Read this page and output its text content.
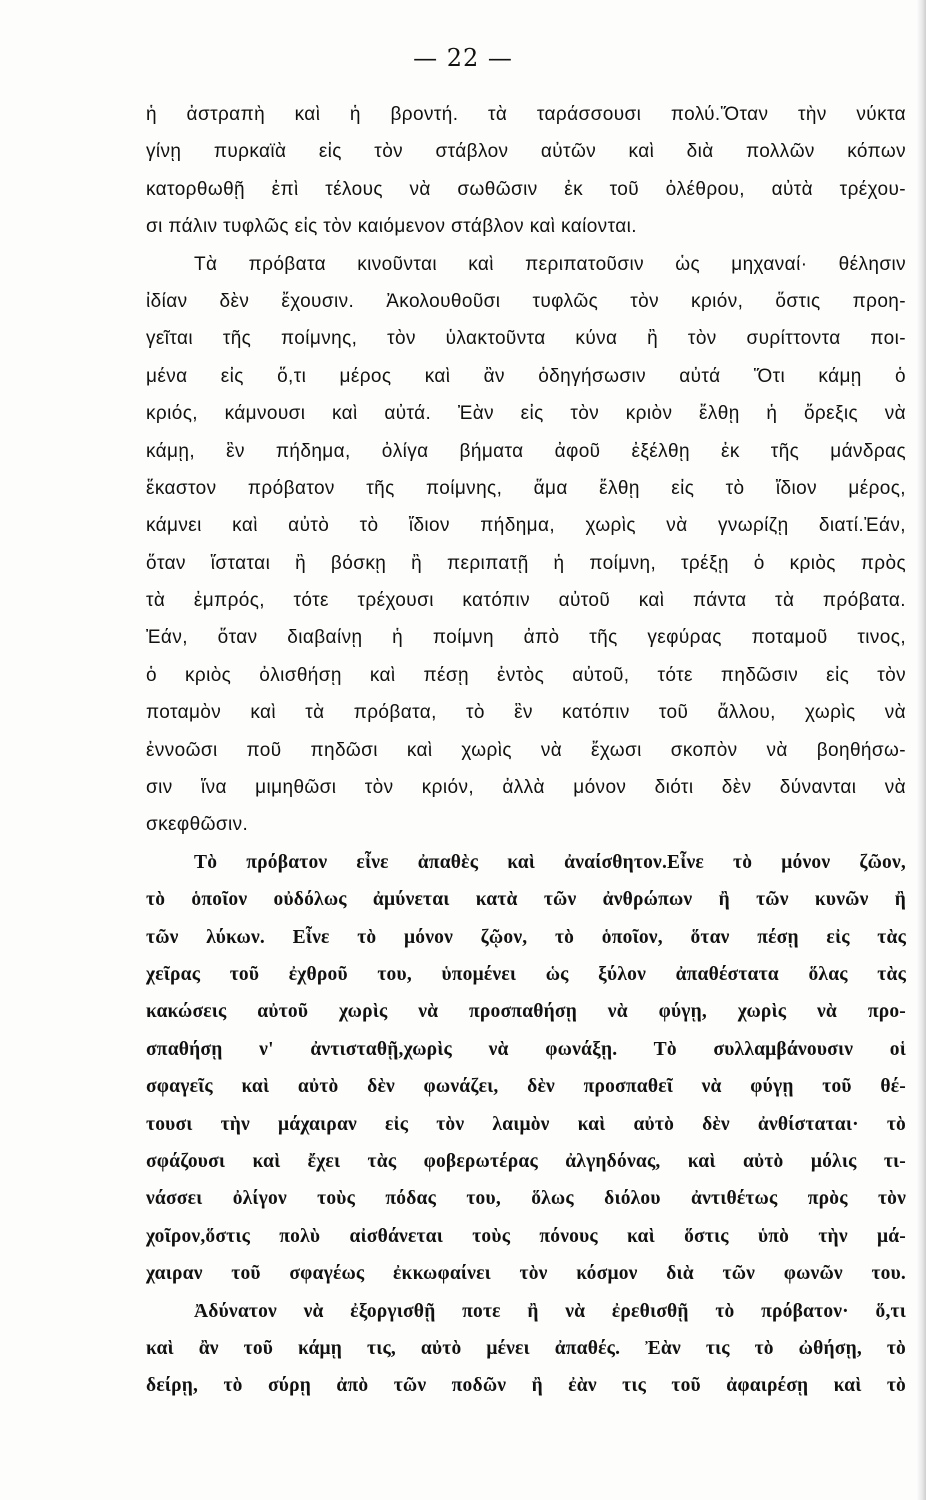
— 22 —
ἡ ἀστραπὴ καὶ ἡ βροντή. τὰ ταράσσουσι πολύ.Ὅταν τὴν νύκτα
γίνῃ πυρκαϊὰ εἰς τὸν στάβλον αὐτῶν καὶ διὰ πολλῶν κόπων
κατορθωθῇ ἐπὶ τέλους νὰ σωθῶσιν ἐκ τοῦ ὀλέθρου, αὐτὰ τρέχου-
σι πάλιν τυφλῶς εἰς τὸν καιόμενον στάβλον καὶ καίονται.
Τὰ πρόβατα κινοῦνται καὶ περιπατοῦσιν ὡς μηχαναί· θέλησιν
ἰδίαν δὲν ἔχουσιν. Ἀκολουθοῦσι τυφλῶς τὸν κριόν, ὅστις προη-
γεῖται τῆς ποίμνης, τὸν ὑλακτοῦντα κύνα ἢ τὸν συρίττοντα ποι-
μένα εἰς ὅ,τι μέρος καὶ ἂν ὁδηγήσωσιν αὐτά Ὅτι κάμῃ ὁ
κριός, κάμνουσι καὶ αὐτά. Ἐὰν εἰς τὸν κριὸν ἔλθῃ ἡ ὄρεξις νὰ
κάμῃ, ἓν πήδημα, ὀλίγα βήματα ἀφοῦ ἐξέλθῃ ἐκ τῆς μάνδρας
ἕκαστον πρόβατον τῆς ποίμνης, ἅμα ἔλθῃ εἰς τὸ ἴδιον μέρος,
κάμνει καὶ αὐτὸ τὸ ἴδιον πήδημα, χωρὶς νὰ γνωρίζῃ διατί.Ἐάν,
ὅταν ἵσταται ἢ βόσκῃ ἢ περιπατῇ ἡ ποίμνη, τρέξῃ ὁ κριὸς πρὸς
τὰ ἐμπρός, τότε τρέχουσι κατόπιν αὐτοῦ καὶ πάντα τὰ πρόβατα.
Ἐάν, ὅταν διαβαίνῃ ἡ ποίμνη ἀπὸ τῆς γεφύρας ποταμοῦ τινος,
ὁ κριὸς ὀλισθήσῃ καὶ πέσῃ ἐντὸς αὐτοῦ, τότε πηδῶσιν εἰς τὸν
ποταμὸν καὶ τὰ πρόβατα, τὸ ἓν κατόπιν τοῦ ἄλλου, χωρὶς νὰ
ἐννοῶσι ποῦ πηδῶσι καὶ χωρὶς νὰ ἔχωσι σκοπὸν νὰ βοηθήσω-
σιν ἵνα μιμηθῶσι τὸν κριόν, ἀλλὰ μόνον διότι δὲν δύνανται νὰ
σκεφθῶσιν.
Τὸ πρόβατον εἶνε ἀπαθὲς καὶ ἀναίσθητον.Εἶνε τὸ μόνον ζῶον,
τὸ ὁποῖον οὐδόλως ἀμύνεται κατὰ τῶν ἀνθρώπων ἢ τῶν κυνῶν ἢ
τῶν λύκων. Εἶνε τὸ μόνον ζῷον, τὸ ὁποῖον, ὅταν πέσῃ εἰς τὰς
χεῖρας τοῦ ἐχθροῦ του, ὑπομένει ὡς ξύλον ἀπαθέστατα ὅλας τὰς
κακώσεις αὐτοῦ χωρὶς νὰ προσπαθήσῃ νὰ φύγῃ, χωρὶς νὰ προ-
σπαθήσῃ ν' ἀντισταθῇ,χωρὶς νὰ φωνάξῃ. Τὸ συλλαμβάνουσιν οἱ
σφαγεῖς καὶ αὐτὸ δὲν φωνάζει, δὲν προσπαθεῖ νὰ φύγῃ τοῦ θέ-
τουσι τὴν μάχαιραν εἰς τὸν λαιμὸν καὶ αὐτὸ δὲν ἀνθίσταται· τὸ
σφάζουσι καὶ ἔχει τὰς φοβερωτέρας ἀλγηδόνας, καὶ αὐτὸ μόλις τι-
νάσσει ὀλίγον τοὺς πόδας του, ὅλως διόλου ἀντιθέτως πρὸς τὸν
χοῖρον,ὅστις πολὺ αἰσθάνεται τοὺς πόνους καὶ ὅστις ὑπὸ τὴν μά-
χαιραν τοῦ σφαγέως ἐκκωφαίνει τὸν κόσμον διὰ τῶν φωνῶν του.
Ἀδύνατον νὰ ἐξοργισθῇ ποτε ἢ νὰ ἐρεθισθῇ τὸ πρόβατον· ὅ,τι
καὶ ἂν τοῦ κάμῃ τις, αὐτὸ μένει ἀπαθές. Ἐὰν τις τὸ ὠθήσῃ, τὸ
δείρῃ, τὸ σύρῃ ἀπὸ τῶν ποδῶν ἢ ἐὰν τις τοῦ ἀφαιρέσῃ καὶ τὸ
